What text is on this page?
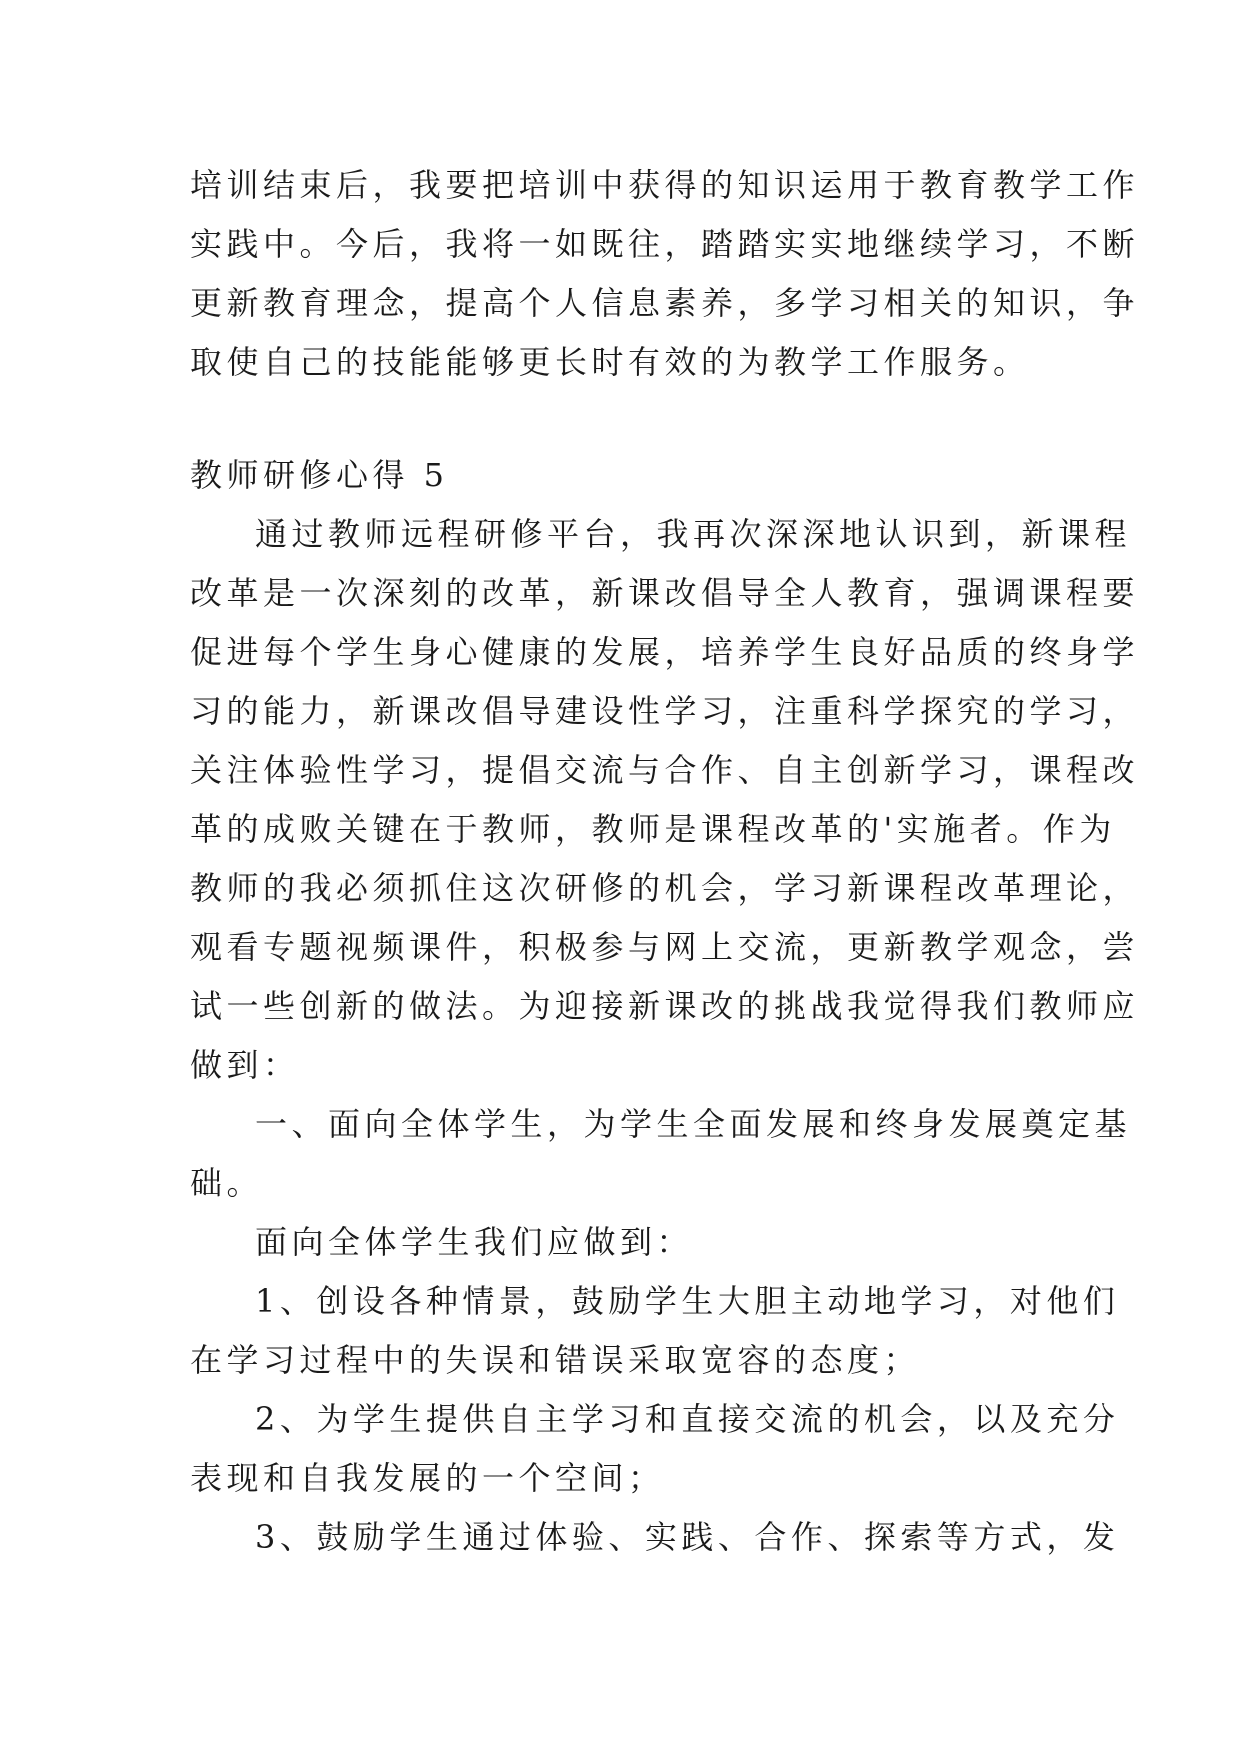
培训结束后，我要把培训中获得的知识运用于教育教学工作

实践中。今后，我将一如既往，踏踏实实地继续学习，不断

更新教育理念，提高个人信息素养，多学习相关的知识，争

取使自己的技能能够更长时有效的为教学工作服务。

教师研修心得 5

通过教师远程研修平台，我再次深深地认识到，新课程

改革是一次深刻的改革，新课改倡导全人教育，强调课程要

促进每个学生身心健康的发展，培养学生良好品质的终身学

习的能力，新课改倡导建设性学习，注重科学探究的学习，

关注体验性学习，提倡交流与合作、自主创新学习，课程改

革的成败关键在于教师，教师是课程改革的'实施者。作为

教师的我必须抓住这次研修的机会，学习新课程改革理论，

观看专题视频课件，积极参与网上交流，更新教学观念，尝

试一些创新的做法。为迎接新课改的挑战我觉得我们教师应

做到：

一、面向全体学生，为学生全面发展和终身发展奠定基

础。

面向全体学生我们应做到：

1、创设各种情景，鼓励学生大胆主动地学习，对他们

在学习过程中的失误和错误采取宽容的态度；

2、为学生提供自主学习和直接交流的机会，以及充分

表现和自我发展的一个空间；

3、鼓励学生通过体验、实践、合作、探索等方式，发
